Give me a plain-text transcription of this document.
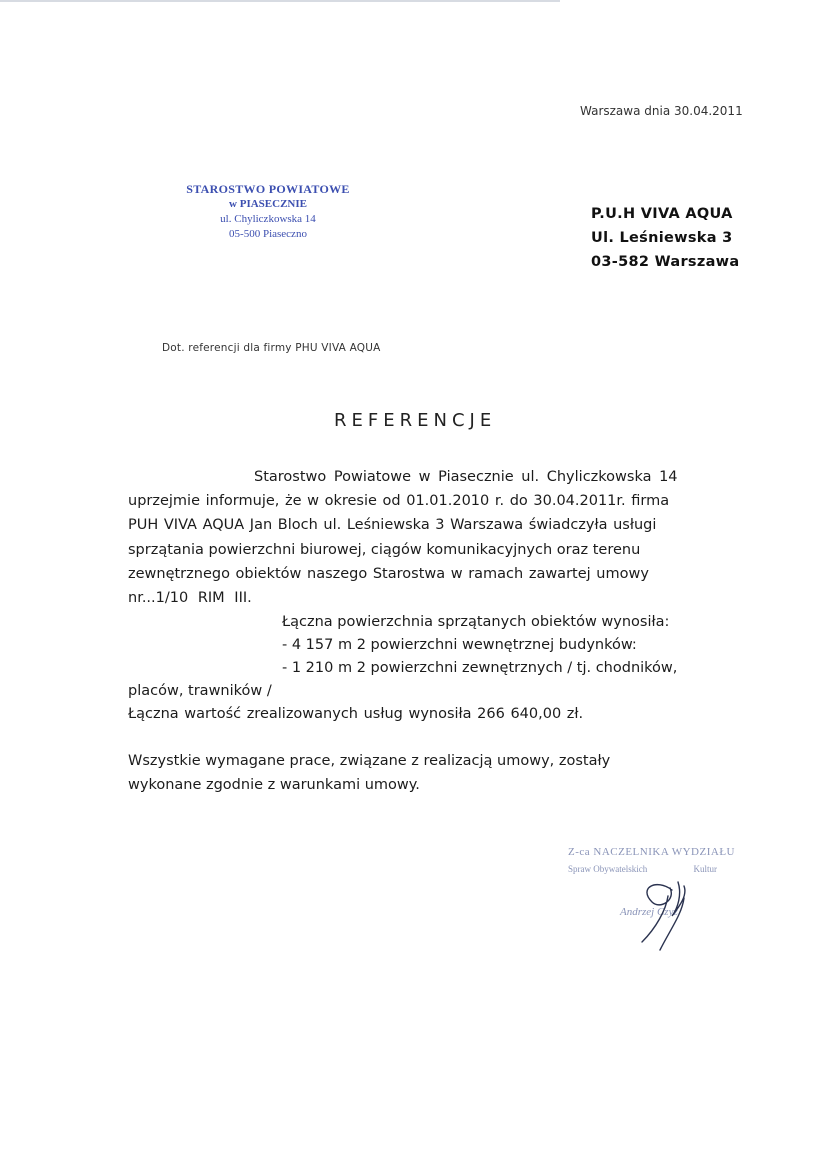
Warszawa dnia 30.04.2011
STAROSTWO POWIATOWE
w PIASECZNIE
ul. Chyliczkowska 14
05-500 Piaseczno
P.U.H VIVA AQUA
Ul. Leśniewska 3
03-582 Warszawa
Dot. referencji dla firmy PHU VIVA AQUA
REFERENCJE
Starostwo Powiatowe w Piasecznie ul. Chyliczkowska 14
uprzejmie informuje, że w okresie od 01.01.2010 r. do 30.04.2011r. firma
PUH VIVA AQUA Jan Bloch ul. Leśniewska 3 Warszawa świadczyła usługi
sprzątania powierzchni biurowej, ciągów komunikacyjnych oraz terenu
zewnętrznego obiektów naszego Starostwa w ramach zawartej umowy
nr...1/10 RIM III.
Łączna powierzchnia sprzątanych obiektów wynosiła:
- 4 157 m 2 powierzchni wewnętrznej budynków:
- 1 210 m 2 powierzchni zewnętrznych / tj. chodników,
placów, trawników /
Łączna wartość zrealizowanych usług wynosiła 266 640,00 zł.
Wszystkie wymagane prace, związane z realizacją umowy, zostały
wykonane zgodnie z warunkami umowy.
Z-ca NACZELNIKA WYDZIAŁU
Spraw Obywatelskich	Kultur
Andrzej Czyż
